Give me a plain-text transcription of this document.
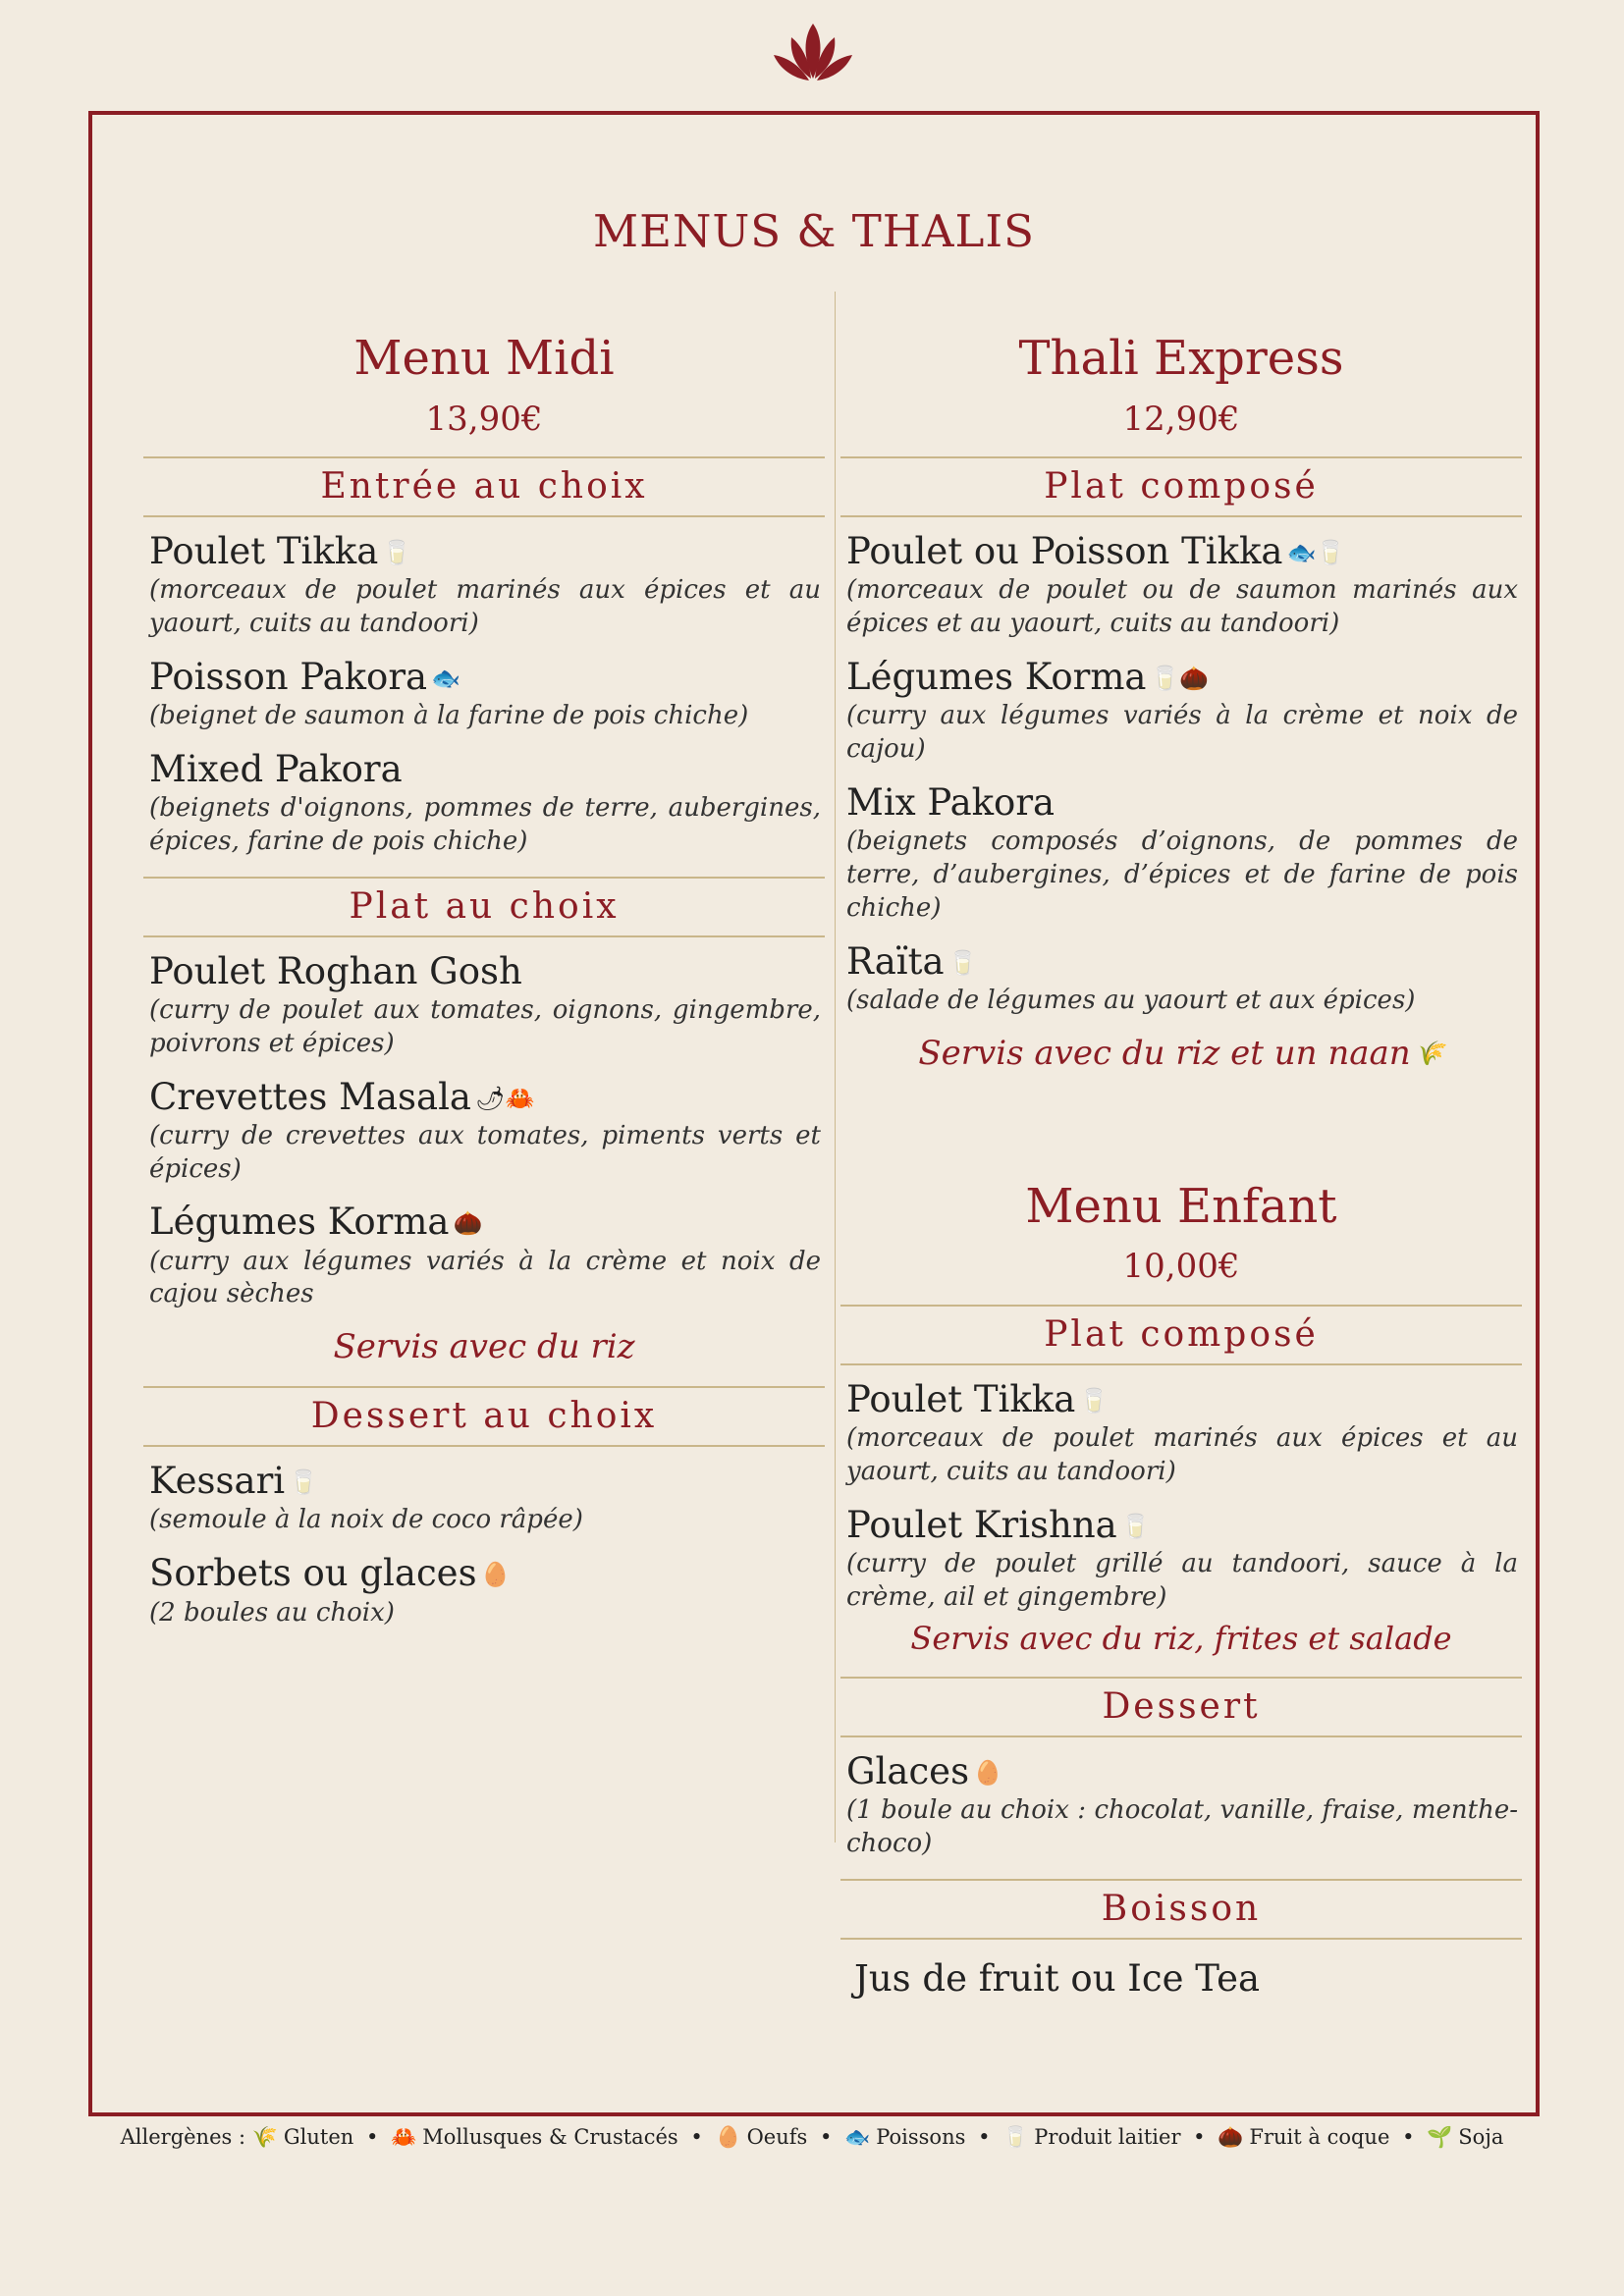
MENUS & THALIS
Menu Midi
13,90€
Entrée au choix
Poulet Tikka 🥛
(morceaux de poulet marinés aux épices et au yaourt, cuits au tandoori)
Poisson Pakora 🐟
(beignet de saumon à la farine de pois chiche)
Mixed Pakora
(beignets d'oignons, pommes de terre, aubergines, épices, farine de pois chiche)
Plat au choix
Poulet Roghan Gosh
(curry de poulet aux tomates, oignons, gingembre, poivrons et épices)
Crevettes Masala 🌶🦀
(curry de crevettes aux tomates, piments verts et épices)
Légumes Korma 🌰
(curry aux légumes variés à la crème et noix de cajou sèches
Servis avec du riz
Dessert au choix
Kessari 🥛
(semoule à la noix de coco râpée)
Sorbets ou glaces 🥚
(2 boules au choix)
Thali Express
12,90€
Plat composé
Poulet ou Poisson Tikka 🐟🥛
(morceaux de poulet ou de saumon marinés aux épices et au yaourt, cuits au tandoori)
Légumes Korma 🥛🌰
(curry aux légumes variés à la crème et noix de cajou)
Mix Pakora
(beignets composés d’oignons, de pommes de terre, d’aubergines, d’épices et de farine de pois chiche)
Raïta 🥛
(salade de légumes au yaourt et aux épices)
Servis avec du riz et un naan 🌾
Menu Enfant
10,00€
Plat composé
Poulet Tikka 🥛
(morceaux de poulet marinés aux épices et au yaourt, cuits au tandoori)
Poulet Krishna 🥛
(curry de poulet grillé au tandoori, sauce à la crème, ail et gingembre)
Servis avec du riz, frites et salade
Dessert
Glaces 🥚
(1 boule au choix : chocolat, vanille, fraise, menthe-choco)
Boisson
Jus de fruit ou Ice Tea
Allergènes : 🌾 Gluten • 🦀 Mollusques & Crustacés • 🥚 Oeufs • 🐟 Poissons • 🥛 Produit laitier • 🌰 Fruit à coque • 🌱 Soja
